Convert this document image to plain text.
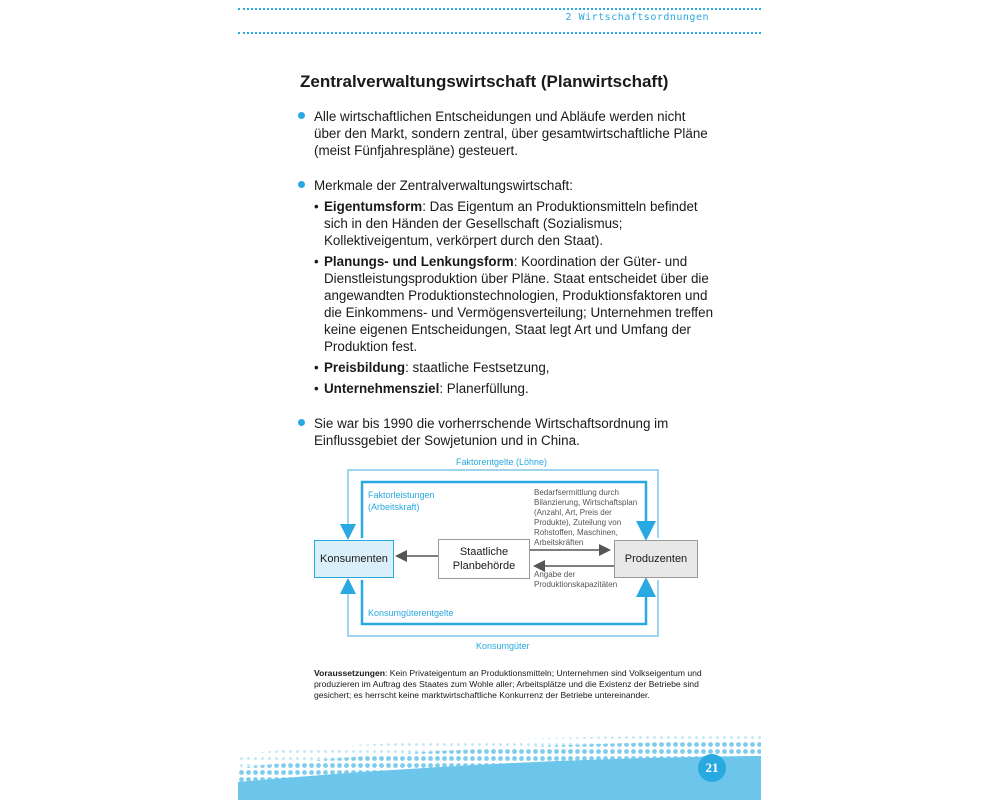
2 Wirtschaftsordnungen
Zentralverwaltungswirtschaft (Planwirtschaft)
Alle wirtschaftlichen Entscheidungen und Abläufe werden nicht über den Markt, sondern zentral, über gesamtwirtschaftliche Pläne (meist Fünfjahrespläne) gesteuert.
Merkmale der Zentralverwaltungswirtschaft:
• Eigentumsform: Das Eigentum an Produktionsmitteln befindet sich in den Händen der Gesellschaft (Sozialismus; Kollektiveigentum, verkörpert durch den Staat).
• Planungs- und Lenkungsform: Koordination der Güter- und Dienstleistungsproduktion über Pläne. Staat entscheidet über die angewandten Produktionstechnologien, Produktionsfaktoren und die Einkommens- und Vermögensverteilung; Unternehmen treffen keine eigenen Entscheidungen, Staat legt Art und Umfang der Produktion fest.
• Preisbildung: staatliche Festsetzung,
• Unternehmensziel: Planerfüllung.
Sie war bis 1990 die vorherrschende Wirtschaftsordnung im Einflussgebiet der Sowjetunion und in China.
Faktorentgelte (Löhne)
Faktorleistungen (Arbeitskraft)
Bedarfsermittlung durch Bilanzierung, Wirtschaftsplan (Anzahl, Art, Preis der Produkte), Zuteilung von Rohstoffen, Maschinen, Arbeitskräften
Angabe der Produktionskapazitäten
Konsumgüterentgelte
Konsumgüter
Konsumenten
Staatliche Planbehörde
Produzenten
Voraussetzungen: Kein Privateigentum an Produktionsmitteln; Unternehmen sind Volkseigentum und produzieren im Auftrag des Staates zum Wohle aller; Arbeitsplätze und die Existenz der Betriebe sind gesichert; es herrscht keine marktwirtschaftliche Konkurrenz der Betriebe untereinander.
21
